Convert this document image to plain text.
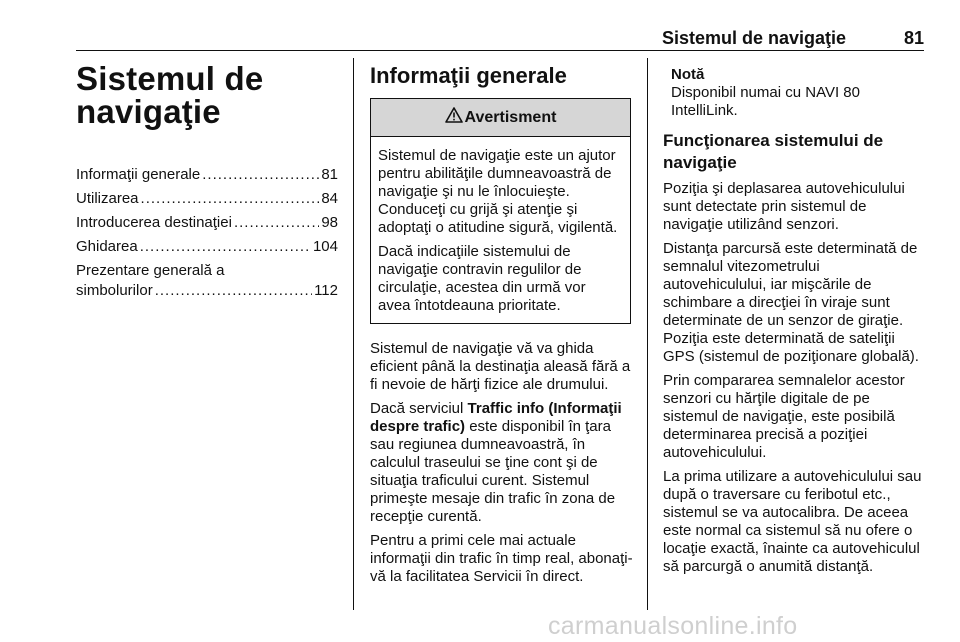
Sistemul de navigaţie	81
Sistemul de
navigaţie
Informaţii generale .....	81
Utilizarea .....	84
Introducerea destinaţiei .....	98
Ghidarea .....	104
Prezentare generală a
simbolurilor .....	112
Informaţii generale
Avertisment

Sistemul de navigaţie este un ajutor pentru abilităţile dumneavoastră de navigaţie şi nu le înlocuieşte. Conduceţi cu grijă şi atenţie şi adoptaţi o atitudine sigură, vigilentă.

Dacă indicaţiile sistemului de navigaţie contravin regulilor de circulaţie, acestea din urmă vor avea întotdeauna prioritate.

Sistemul de navigaţie vă va ghida eficient până la destinaţia aleasă fără a fi nevoie de hărţi fizice ale drumului.

Dacă serviciul Traffic info (Informaţii despre trafic) este disponibil în ţara sau regiunea dumneavoastră, în calculul traseului se ţine cont şi de situaţia traficului curent. Sistemul primeşte mesaje din trafic în zona de recepţie curentă.

Pentru a primi cele mai actuale informaţii din trafic în timp real, abonaţi-vă la facilitatea Servicii în direct.

Notă
Disponibil numai cu NAVI 80 IntelliLink.
Funcţionarea sistemului de navigaţie

Poziţia şi deplasarea autovehiculului sunt detectate prin sistemul de navigaţie utilizând senzori.

Distanţa parcursă este determinată de semnalul vitezometrului autovehiculului, iar mişcările de schimbare a direcţiei în viraje sunt determinate de un senzor de giraţie. Poziţia este determinată de sateliţii GPS (sistemul de poziţionare globală).

Prin compararea semnalelor acestor senzori cu hărţile digitale de pe sistemul de navigaţie, este posibilă determinarea precisă a poziţiei autovehiculului.

La prima utilizare a autovehiculului sau după o traversare cu feribotul etc., sistemul se va autocalibra. De aceea este normal ca sistemul să nu ofere o locaţie exactă, înainte ca autovehiculul să parcurgă o anumită distanţă.

carmanualsonline.info
